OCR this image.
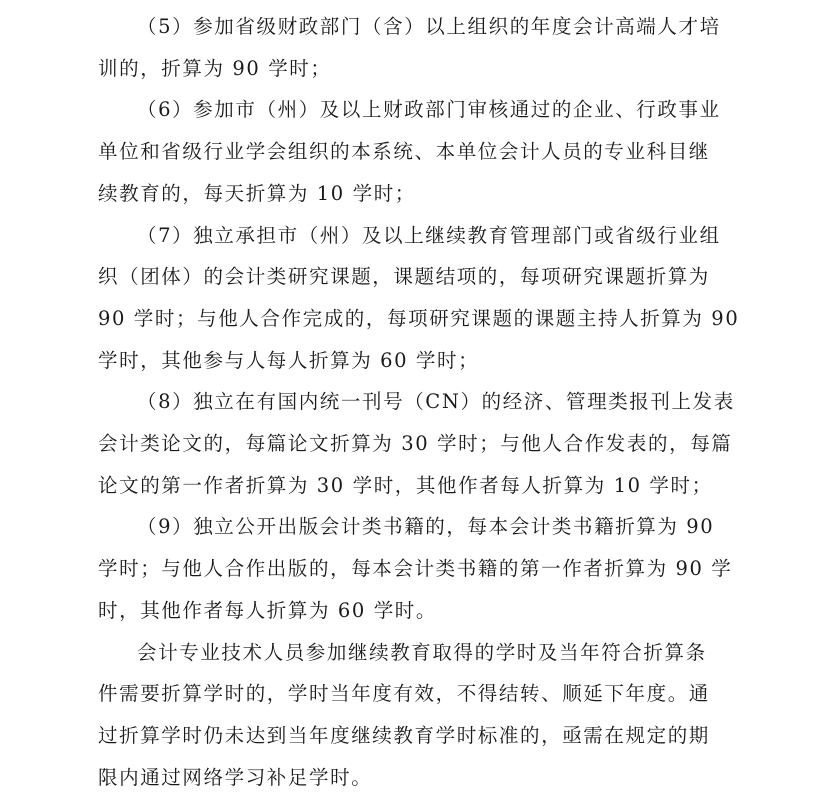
（5）参加省级财政部门（含）以上组织的年度会计高端人才培
训的，折算为 90 学时；

（6）参加市（州）及以上财政部门审核通过的企业、行政事业
单位和省级行业学会组织的本系统、本单位会计人员的专业科目继
续教育的，每天折算为 10 学时；

（7）独立承担市（州）及以上继续教育管理部门或省级行业组
织（团体）的会计类研究课题，课题结项的，每项研究课题折算为
90 学时；与他人合作完成的，每项研究课题的课题主持人折算为 90
学时，其他参与人每人折算为 60 学时；

（8）独立在有国内统一刊号（CN）的经济、管理类报刊上发表
会计类论文的，每篇论文折算为 30 学时；与他人合作发表的，每篇
论文的第一作者折算为 30 学时，其他作者每人折算为 10 学时；

（9）独立公开出版会计类书籍的，每本会计类书籍折算为 90
学时；与他人合作出版的，每本会计类书籍的第一作者折算为 90 学
时，其他作者每人折算为 60 学时。

会计专业技术人员参加继续教育取得的学时及当年符合折算条
件需要折算学时的，学时当年度有效，不得结转、顺延下年度。通
过折算学时仍未达到当年度继续教育学时标准的，亟需在规定的期
限内通过网络学习补足学时。
